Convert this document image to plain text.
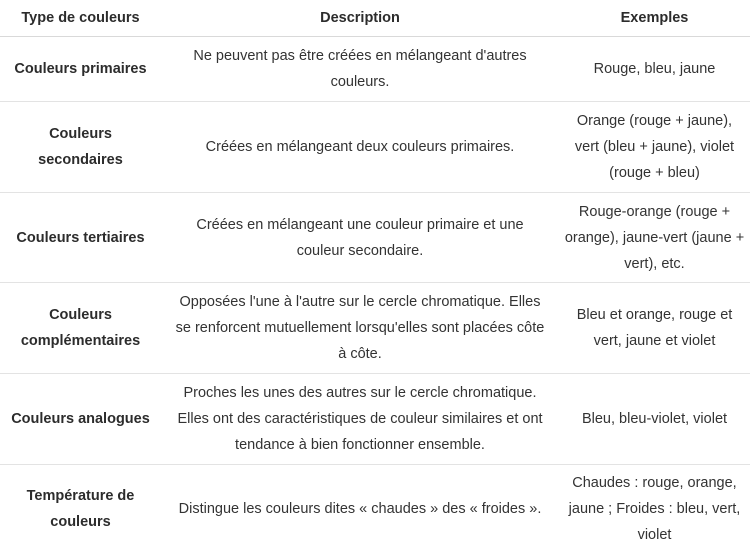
Type de couleurs	Description	Exemples
Couleurs primaires
Ne peuvent pas être créées en mélangeant d'autres couleurs.
Rouge, bleu, jaune
Couleurs secondaires
Créées en mélangeant deux couleurs primaires.
Orange (rouge + jaune), vert (bleu + jaune), violet (rouge + bleu)
Couleurs tertiaires
Créées en mélangeant une couleur primaire et une couleur secondaire.
Rouge-orange (rouge + orange), jaune-vert (jaune + vert), etc.
Couleurs complémentaires
Opposées l'une à l'autre sur le cercle chromatique. Elles se renforcent mutuellement lorsqu'elles sont placées côte à côte.
Bleu et orange, rouge et vert, jaune et violet
Couleurs analogues
Proches les unes des autres sur le cercle chromatique. Elles ont des caractéristiques de couleur similaires et ont tendance à bien fonctionner ensemble.
Bleu, bleu-violet, violet
Température de couleurs
Distingue les couleurs dites « chaudes » des « froides ».
Chaudes : rouge, orange, jaune ; Froides : bleu, vert, violet
